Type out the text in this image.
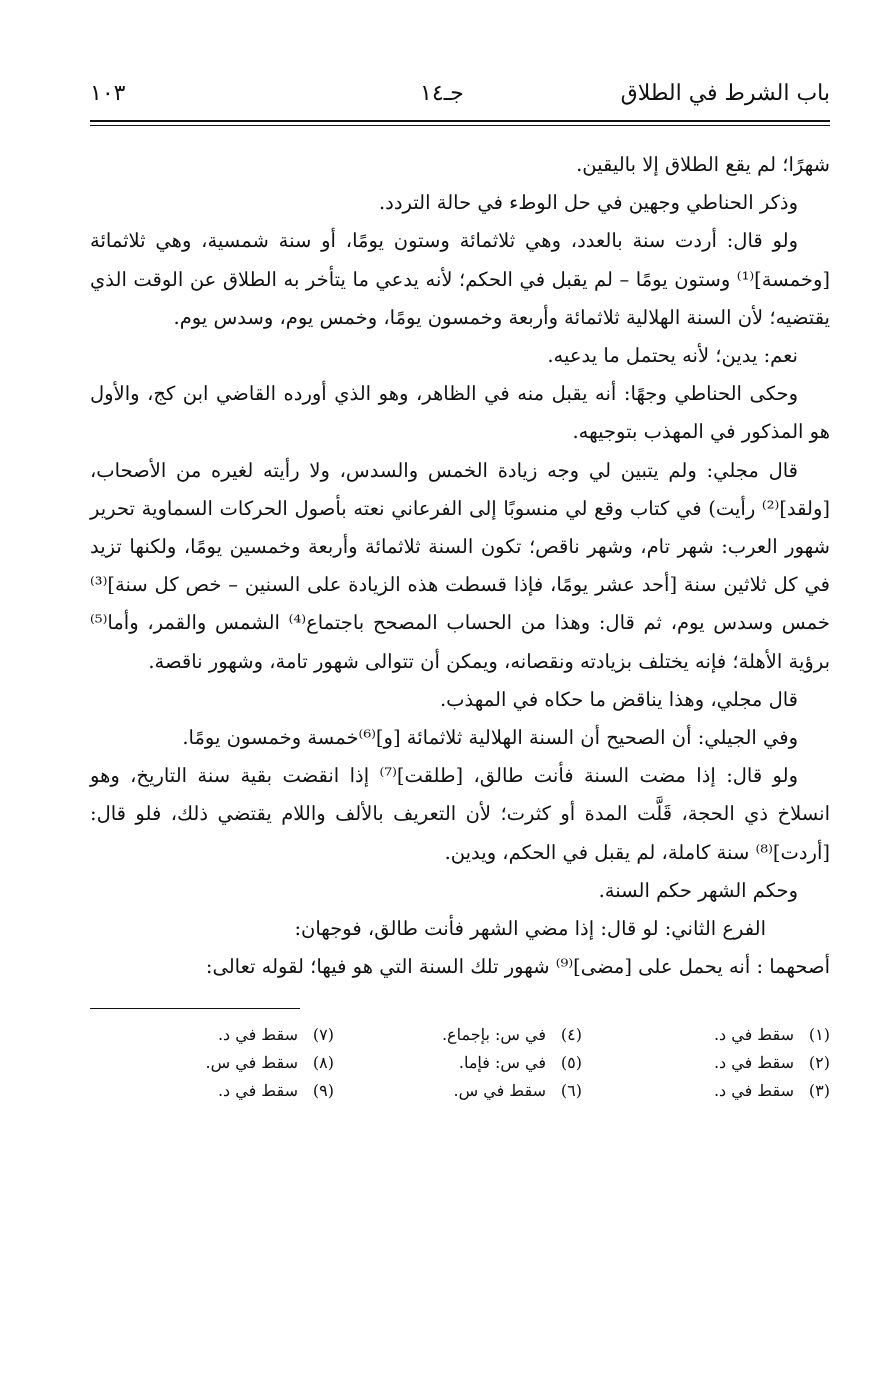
باب الشرط في الطلاق
جـ١٤
١٠٣

شهرًا؛ لم يقع الطلاق إلا باليقين.

وذكر الحناطي وجهين في حل الوطء في حالة التردد.

ولو قال: أردت سنة بالعدد، وهي ثلاثمائة وستون يومًا، أو سنة شمسية، وهي ثلاثمائة [وخمسة]⁽¹⁾ وستون يومًا – لم يقبل في الحكم؛ لأنه يدعي ما يتأخر به الطلاق عن الوقت الذي يقتضيه؛ لأن السنة الهلالية ثلاثمائة وأربعة وخمسون يومًا، وخمس يوم، وسدس يوم.

نعم: يدين؛ لأنه يحتمل ما يدعيه.

وحكى الحناطي وجهًا: أنه يقبل منه في الظاهر، وهو الذي أورده القاضي ابن كج، والأول هو المذكور في المهذب بتوجيهه.

قال مجلي: ولم يتبين لي وجه زيادة الخمس والسدس، ولا رأيته لغيره من الأصحاب، [ولقد]⁽²⁾ رأيت) في كتاب وقع لي منسوبًا إلى الفرعاني نعته بأصول الحركات السماوية تحرير شهور العرب: شهر تام، وشهر ناقص؛ تكون السنة ثلاثمائة وأربعة وخمسين يومًا، ولكنها تزيد في كل ثلاثين سنة [أحد عشر يومًا، فإذا قسطت هذه الزيادة على السنين – خص كل سنة]⁽³⁾ خمس وسدس يوم، ثم قال: وهذا من الحساب المصحح باجتماع⁽⁴⁾ الشمس والقمر، وأما⁽⁵⁾ برؤية الأهلة؛ فإنه يختلف بزيادته ونقصانه، ويمكن أن تتوالى شهور تامة، وشهور ناقصة.

قال مجلي، وهذا يناقض ما حكاه في المهذب.

وفي الجيلي: أن الصحيح أن السنة الهلالية ثلاثمائة [و]⁽⁶⁾خمسة وخمسون يومًا.

ولو قال: إذا مضت السنة فأنت طالق، [طلقت]⁽⁷⁾ إذا انقضت بقية سنة التاريخ، وهو انسلاخ ذي الحجة، قَلَّت المدة أو كثرت؛ لأن التعريف بالألف واللام يقتضي ذلك، فلو قال: [أردت]⁽⁸⁾ سنة كاملة، لم يقبل في الحكم، ويدين.

وحكم الشهر حكم السنة.

الفرع الثاني: لو قال: إذا مضي الشهر فأنت طالق، فوجهان:

أصحهما : أنه يحمل على [مضى]⁽⁹⁾ شهور تلك السنة التي هو فيها؛ لقوله تعالى:

(١)سقط في د.
(٢)سقط في د.
(٣)سقط في د.
(٤)في س: بإجماع.
(٥)في س: فإما.
(٦)سقط في س.
(٧)سقط في د.
(٨)سقط في س.
(٩)سقط في د.
